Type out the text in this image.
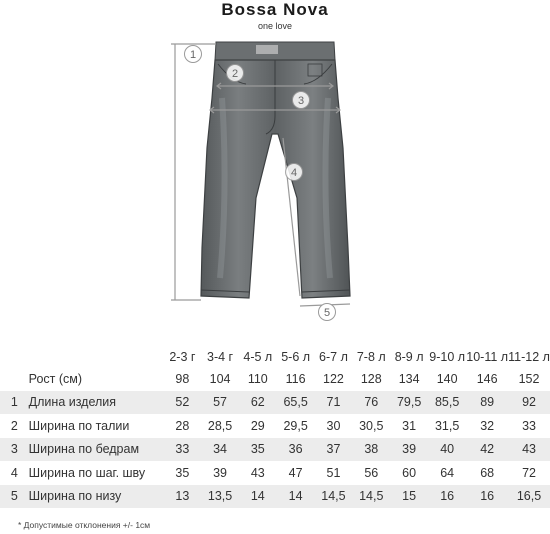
Bossa Nova
one love
1
2
3
4
5
		2-3 г	3-4 г	4-5 л	5-6 л	6-7 л	7-8 л	8-9 л	9-10 л	10-11 л	11-12 л
	Рост (см)	98	104	110	116	122	128	134	140	146	152
1	Длина изделия	52	57	62	65,5	71	76	79,5	85,5	89	92
2	Ширина по талии	28	28,5	29	29,5	30	30,5	31	31,5	32	33
3	Ширина по бедрам	33	34	35	36	37	38	39	40	42	43
4	Ширина по шаг. шву	35	39	43	47	51	56	60	64	68	72
5	Ширина по низу	13	13,5	14	14	14,5	14,5	15	16	16	16,5
* Допустимые отклонения +/- 1см
